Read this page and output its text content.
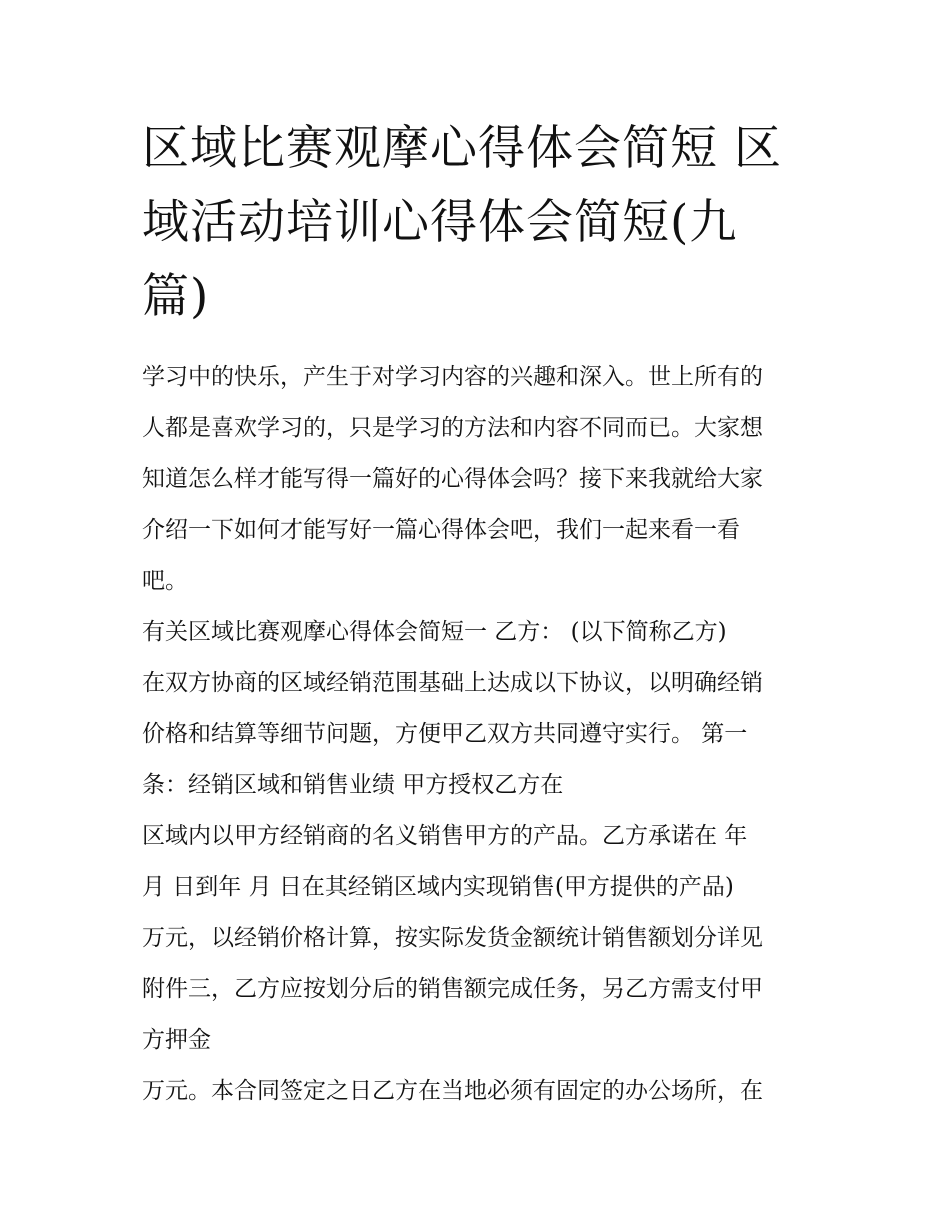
区域比赛观摩心得体会简短 区
域活动培训心得体会简短(九
篇)
学习中的快乐，产生于对学习内容的兴趣和深入。世上所有的
人都是喜欢学习的，只是学习的方法和内容不同而已。大家想
知道怎么样才能写得一篇好的心得体会吗？接下来我就给大家
介绍一下如何才能写好一篇心得体会吧，我们一起来看一看
吧。
有关区域比赛观摩心得体会简短一 乙方： (以下简称乙方)
在双方协商的区域经销范围基础上达成以下协议，以明确经销
价格和结算等细节问题，方便甲乙双方共同遵守实行。 第一
条：经销区域和销售业绩 甲方授权乙方在
区域内以甲方经销商的名义销售甲方的产品。乙方承诺在 年
月 日到年 月 日在其经销区域内实现销售(甲方提供的产品)
万元，以经销价格计算，按实际发货金额统计销售额划分详见
附件三，乙方应按划分后的销售额完成任务，另乙方需支付甲
方押金
万元。本合同签定之日乙方在当地必须有固定的办公场所，在
